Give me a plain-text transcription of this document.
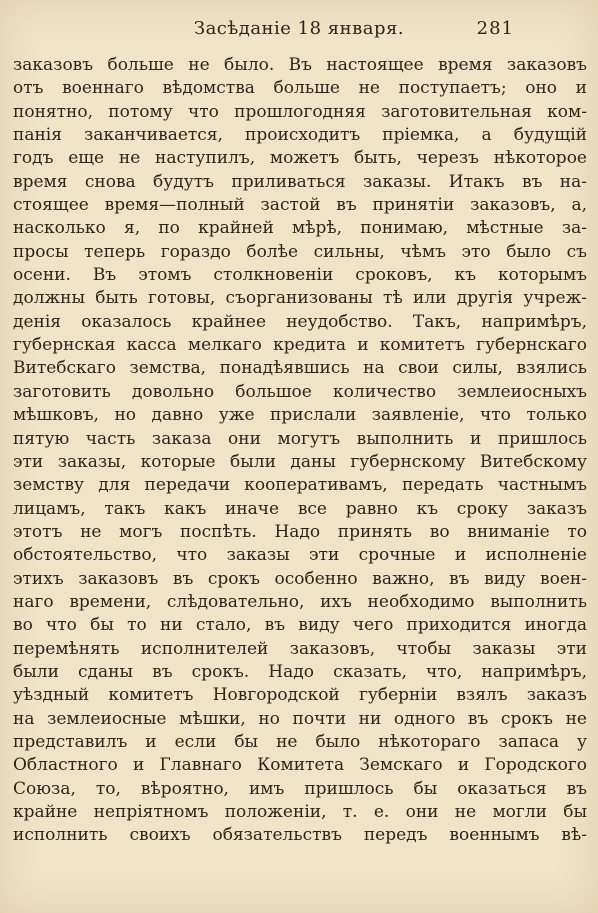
Засѣданіе 18 января.	281
заказовъ больше не было. Въ настоящее время заказовъ
отъ военнаго вѣдомства больше не поступаетъ; оно и
понятно, потому что прошлогодняя заготовительная ком-
панія заканчивается, происходитъ пріемка, а будущій
годъ еще не наступилъ, можетъ быть, черезъ нѣкоторое
время снова будутъ приливаться заказы. Итакъ въ на-
стоящее время—полный застой въ принятіи заказовъ, а,
насколько я, по крайней мѣрѣ, понимаю, мѣстные за-
просы теперь гораздо болѣе сильны, чѣмъ это было съ
осени. Въ этомъ столкновеніи сроковъ, къ которымъ
должны быть готовы, съорганизованы тѣ или другія учреж-
денія оказалось крайнее неудобство. Такъ, напримѣръ,
губернская касса мелкаго кредита и комитетъ губернскаго
Витебскаго земства, понадѣявшись на свои силы, взялись
заготовить довольно большое количество землеиосныхъ
мѣшковъ, но давно уже прислали заявленіе, что только
пятую часть заказа они могутъ выполнить и пришлось
эти заказы, которые были даны губернскому Витебскому
земству для передачи кооперативамъ, передать частнымъ
лицамъ, такъ какъ иначе все равно къ сроку заказъ
этотъ не могъ поспѣть. Надо принять во вниманіе то
обстоятельство, что заказы эти срочные и исполненіе
этихъ заказовъ въ срокъ особенно важно, въ виду воен-
наго времени, слѣдовательно, ихъ необходимо выполнить
во что бы то ни стало, въ виду чего приходится иногда
перемѣнять исполнителей заказовъ, чтобы заказы эти
были сданы въ срокъ. Надо сказать, что, напримѣръ,
уѣздный комитетъ Новгородской губерніи взялъ заказъ
на землеиосные мѣшки, но почти ни одного въ срокъ не
представилъ и если бы не было нѣкотораго запаса у
Областного и Главнаго Комитета Земскаго и Городского
Союза, то, вѣроятно, имъ пришлось бы оказаться въ
крайне непріятномъ положеніи, т. е. они не могли бы
исполнить своихъ обязательствъ передъ военнымъ вѣ-
